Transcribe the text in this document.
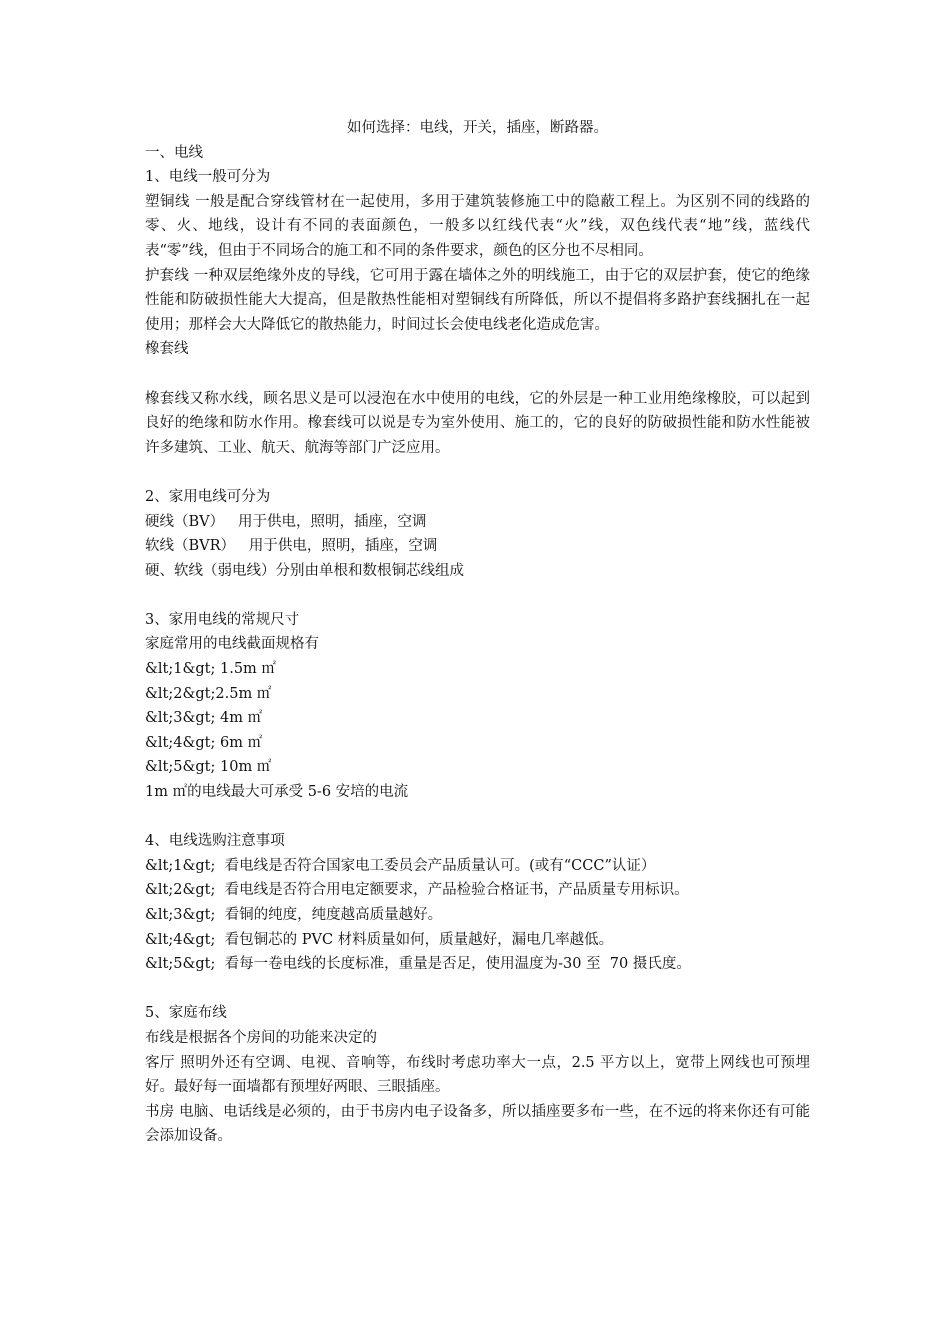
如何选择：电线，开关，插座，断路器。

一、电线

1、电线一般可分为

塑铜线 一般是配合穿线管材在一起使用，多用于建筑装修施工中的隐蔽工程上。为区别不同的线路的零、火、地线，设计有不同的表面颜色，一般多以红线代表“火”线，双色线代表“地”线，蓝线代表“零”线，但由于不同场合的施工和不同的条件要求，颜色的区分也不尽相同。

护套线 一种双层绝缘外皮的导线，它可用于露在墙体之外的明线施工，由于它的双层护套，使它的绝缘性能和防破损性能大大提高，但是散热性能相对塑铜线有所降低，所以不提倡将多路护套线捆扎在一起使用；那样会大大降低它的散热能力，时间过长会使电线老化造成危害。

橡套线

橡套线又称水线，顾名思义是可以浸泡在水中使用的电线，它的外层是一种工业用绝缘橡胶，可以起到良好的绝缘和防水作用。橡套线可以说是专为室外使用、施工的，它的良好的防破损性能和防水性能被许多建筑、工业、航天、航海等部门广泛应用。

2、家用电线可分为

硬线（BV）   用于供电，照明，插座，空调

软线（BVR）   用于供电，照明，插座，空调

硬、软线（弱电线）分别由单根和数根铜芯线组成

3、家用电线的常规尺寸

家庭常用的电线截面规格有

&lt;1&gt; 1.5m ㎡

&lt;2&gt;2.5m ㎡

&lt;3&gt; 4m ㎡

&lt;4&gt; 6m ㎡

&lt;5&gt; 10m ㎡

1m ㎡的电线最大可承受 5-6 安培的电流

4、电线选购注意事项

&lt;1&gt;  看电线是否符合国家电工委员会产品质量认可。(或有“CCC”认证）

&lt;2&gt;  看电线是否符合用电定额要求，产品检验合格证书，产品质量专用标识。

&lt;3&gt;  看铜的纯度，纯度越高质量越好。

&lt;4&gt;  看包铜芯的 PVC 材料质量如何，质量越好，漏电几率越低。

&lt;5&gt;  看每一卷电线的长度标准，重量是否足，使用温度为-30 至  70 摄氏度。

5、家庭布线

布线是根据各个房间的功能来决定的

客厅 照明外还有空调、电视、音响等，布线时考虑功率大一点，2.5 平方以上，宽带上网线也可预埋好。最好每一面墙都有预埋好两眼、三眼插座。

书房 电脑、电话线是必须的，由于书房内电子设备多，所以插座要多布一些，在不远的将来你还有可能会添加设备。
